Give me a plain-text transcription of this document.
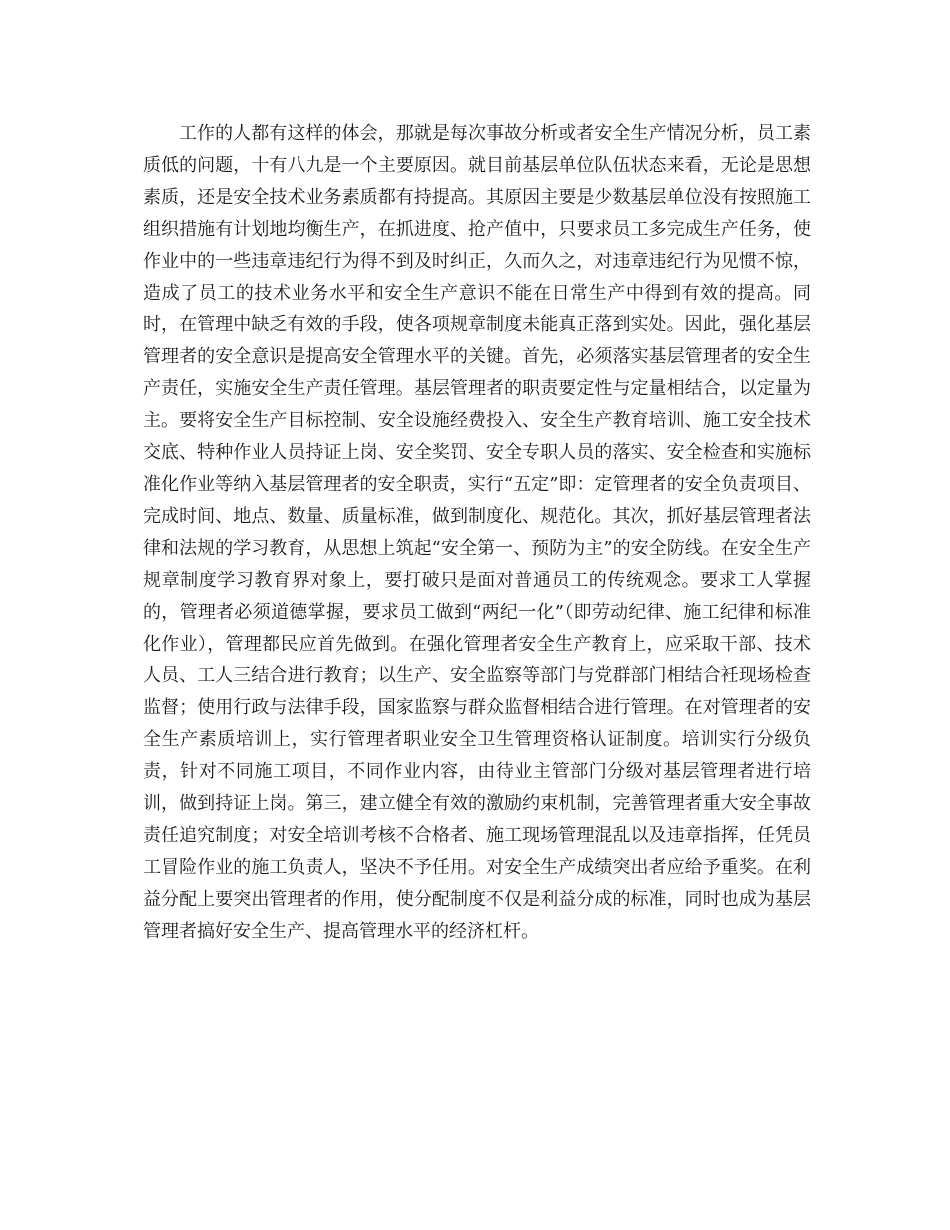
工作的人都有这样的体会，那就是每次事故分析或者安全生产情况分析，员工素质低的问题，十有八九是一个主要原因。就目前基层单位队伍状态来看，无论是思想素质，还是安全技术业务素质都有持提高。其原因主要是少数基层单位没有按照施工组织措施有计划地均衡生产，在抓进度、抢产值中，只要求员工多完成生产任务，使作业中的一些违章违纪行为得不到及时纠正，久而久之，对违章违纪行为见惯不惊，造成了员工的技术业务水平和安全生产意识不能在日常生产中得到有效的提高。同时，在管理中缺乏有效的手段，使各项规章制度未能真正落到实处。因此，强化基层管理者的安全意识是提高安全管理水平的关键。首先，必须落实基层管理者的安全生产责任，实施安全生产责任管理。基层管理者的职责要定性与定量相结合，以定量为主。要将安全生产目标控制、安全设施经费投入、安全生产教育培训、施工安全技术交底、特种作业人员持证上岗、安全奖罚、安全专职人员的落实、安全检查和实施标准化作业等纳入基层管理者的安全职责，实行“五定”即：定管理者的安全负责项目、完成时间、地点、数量、质量标准，做到制度化、规范化。其次，抓好基层管理者法律和法规的学习教育，从思想上筑起“安全第一、预防为主”的安全防线。在安全生产规章制度学习教育界对象上，要打破只是面对普通员工的传统观念。要求工人掌握的，管理者必须道德掌握，要求员工做到“两纪一化”（即劳动纪律、施工纪律和标准化作业），管理都民应首先做到。在强化管理者安全生产教育上，应采取干部、技术人员、工人三结合进行教育；以生产、安全监察等部门与党群部门相结合衽现场检查监督；使用行政与法律手段，国家监察与群众监督相结合进行管理。在对管理者的安全生产素质培训上，实行管理者职业安全卫生管理资格认证制度。培训实行分级负责，针对不同施工项目，不同作业内容，由待业主管部门分级对基层管理者进行培训，做到持证上岗。第三，建立健全有效的激励约束机制，完善管理者重大安全事故责任追究制度；对安全培训考核不合格者、施工现场管理混乱以及违章指挥，任凭员工冒险作业的施工负责人，坚决不予任用。对安全生产成绩突出者应给予重奖。在利益分配上要突出管理者的作用，使分配制度不仅是利益分成的标准，同时也成为基层管理者搞好安全生产、提高管理水平的经济杠杆。
